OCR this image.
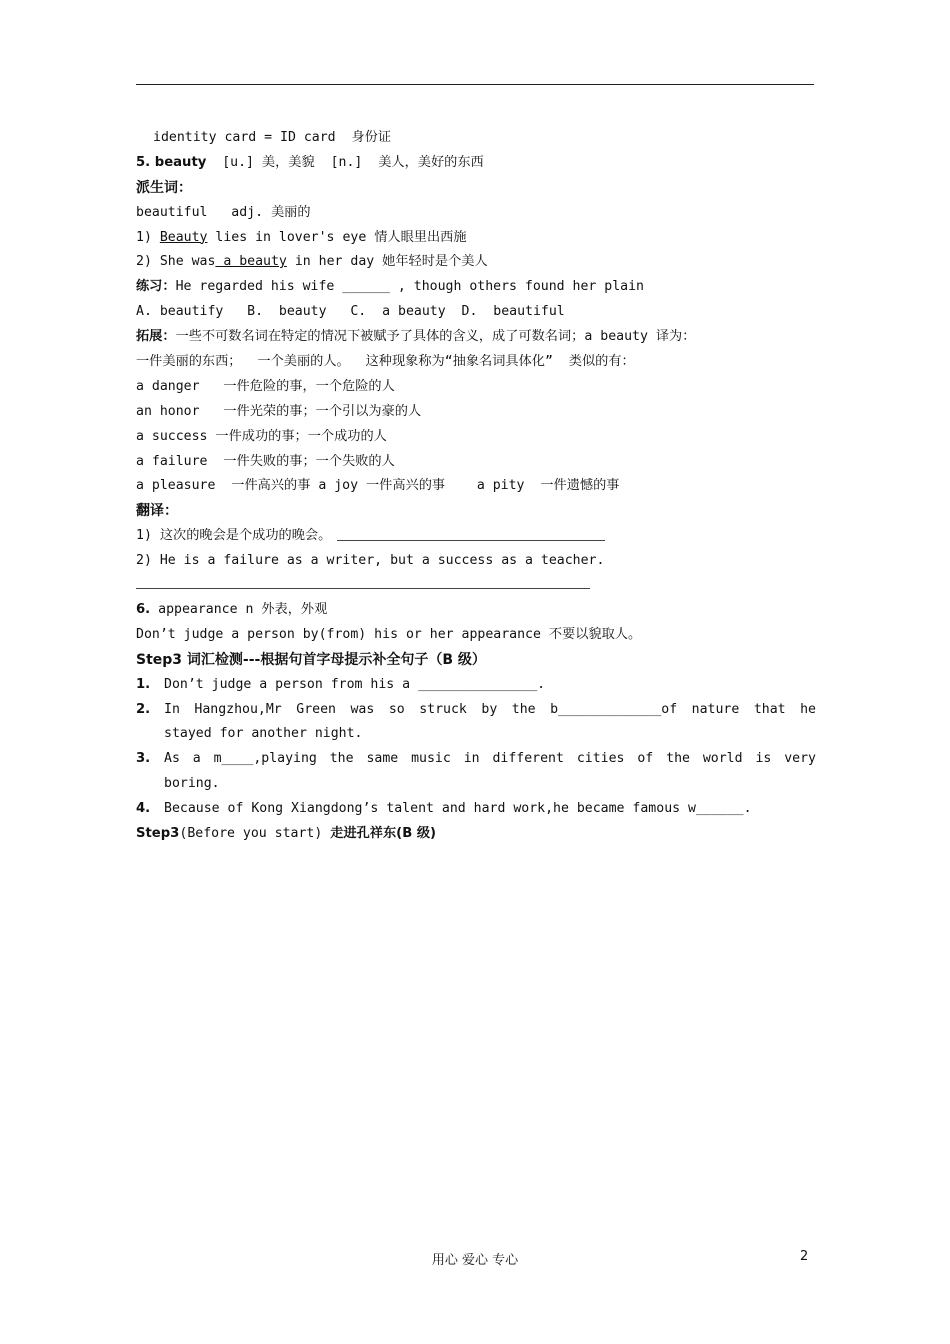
identity card = ID card  身份证
5. beauty  [u.] 美，美貌  [n.]  美人，美好的东西
派生词：
beautiful   adj. 美丽的
1) Beauty lies in lover's eye 情人眼里出西施
2) She was a beauty in her day 她年轻时是个美人
练习：He regarded his wife ______ , though others found her plain
A. beautify   B.  beauty   C.  a beauty  D.  beautiful
拓展：一些不可数名词在特定的情况下被赋予了具体的含义，成了可数名词；a beauty 译为：
一件美丽的东西；  一个美丽的人。  这种现象称为“抽象名词具体化”  类似的有：
a danger   一件危险的事，一个危险的人
an honor   一件光荣的事；一个引以为豪的人
a success 一件成功的事；一个成功的人
a failure  一件失败的事；一个失败的人
a pleasure  一件高兴的事 a joy 一件高兴的事    a pity  一件遗憾的事
翻译：
1) 这次的晚会是个成功的晚会。
2) He is a failure as a writer, but a success as a teacher.
6. appearance n 外表，外观
Don’t judge a person by(from) his or her appearance 不要以貌取人。
Step3 词汇检测---根据句首字母提示补全句子（B 级）
1.	Don’t judge a person from his a _______________.
2.	In Hangzhou,Mr Green was so struck by the b_____________of nature that he
stayed for another night.
3.	As a m____,playing the same music in different cities of the world is very
boring.
4.	Because of Kong Xiangdong’s talent and hard work,he became famous w______.
Step3(Before you start) 走进孔祥东(B 级)
用心 爱心 专心	2
